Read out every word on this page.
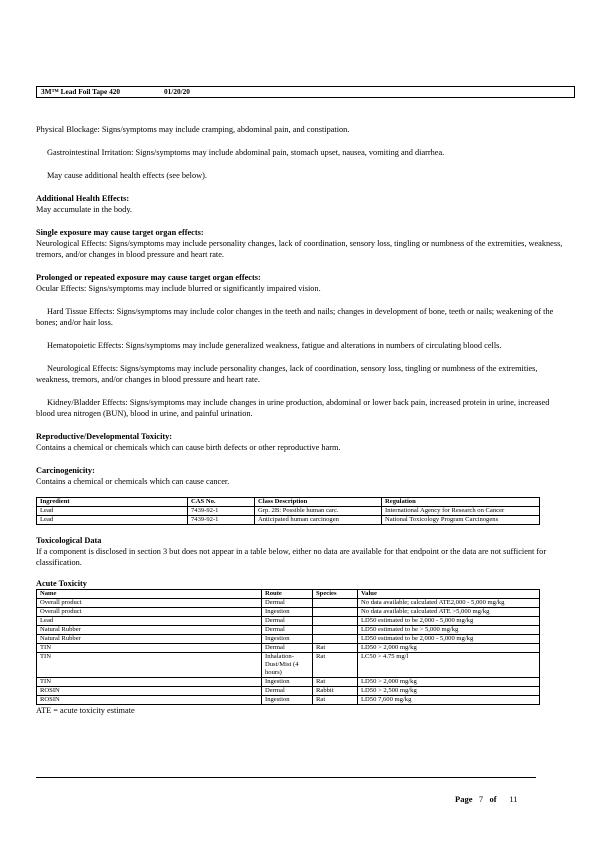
3M™ Lead Foil Tape 420	01/20/20

Physical Blockage: Signs/symptoms may include cramping, abdominal pain, and constipation.

Gastrointestinal Irritation: Signs/symptoms may include abdominal pain, stomach upset, nausea, vomiting and diarrhea.

May cause additional health effects (see below).

Additional Health Effects:

May accumulate in the body.

Single exposure may cause target organ effects:

Neurological Effects: Signs/symptoms may include personality changes, lack of coordination, sensory loss, tingling or numbness of the extremities, weakness, tremors, and/or changes in blood pressure and heart rate.

Prolonged or repeated exposure may cause target organ effects:

Ocular Effects: Signs/symptoms may include blurred or significantly impaired vision.

Hard Tissue Effects: Signs/symptoms may include color changes in the teeth and nails; changes in development of bone, teeth or nails; weakening of the bones; and/or hair loss.

Hematopoietic Effects: Signs/symptoms may include generalized weakness, fatigue and alterations in numbers of circulating blood cells.

Neurological Effects: Signs/symptoms may include personality changes, lack of coordination, sensory loss, tingling or numbness of the extremities, weakness, tremors, and/or changes in blood pressure and heart rate.

Kidney/Bladder Effects: Signs/symptoms may include changes in urine production, abdominal or lower back pain, increased protein in urine, increased blood urea nitrogen (BUN), blood in urine, and painful urination.

Reproductive/Developmental Toxicity:

Contains a chemical or chemicals which can cause birth defects or other reproductive harm.

Carcinogenicity:

Contains a chemical or chemicals which can cause cancer.

Ingredient	CAS No.	Class Description	Regulation
Lead	7439-92-1	Grp. 2B: Possible human carc.	International Agency for Research on Cancer
Lead	7439-92-1	Anticipated human carcinogen	National Toxicology Program Carcinogens

Toxicological Data

If a component is disclosed in section 3 but does not appear in a table below, either no data are available for that endpoint or the data are not sufficient for classification.

Acute Toxicity

Name	Route	Species	Value
Overall product	Dermal		No data available; calculated ATE2,000 - 5,000 mg/kg
Overall product	Ingestion		No data available; calculated ATE >5,000 mg/kg
Lead	Dermal		LD50 estimated to be 2,000 - 5,000 mg/kg
Natural Rubber	Dermal		LD50 estimated to be > 5,000 mg/kg
Natural Rubber	Ingestion		LD50 estimated to be 2,000 - 5,000 mg/kg
TIN	Dermal	Rat	LD50 > 2,000 mg/kg
TIN	Inhalation-Dust/Mist (4 hours)	Rat	LC50 > 4.75 mg/l
TIN	Ingestion	Rat	LD50 > 2,000 mg/kg
ROSIN	Dermal	Rabbit	LD50 > 2,500 mg/kg
ROSIN	Ingestion	Rat	LD50 7,600 mg/kg

ATE = acute toxicity estimate

Page 7 of 11
